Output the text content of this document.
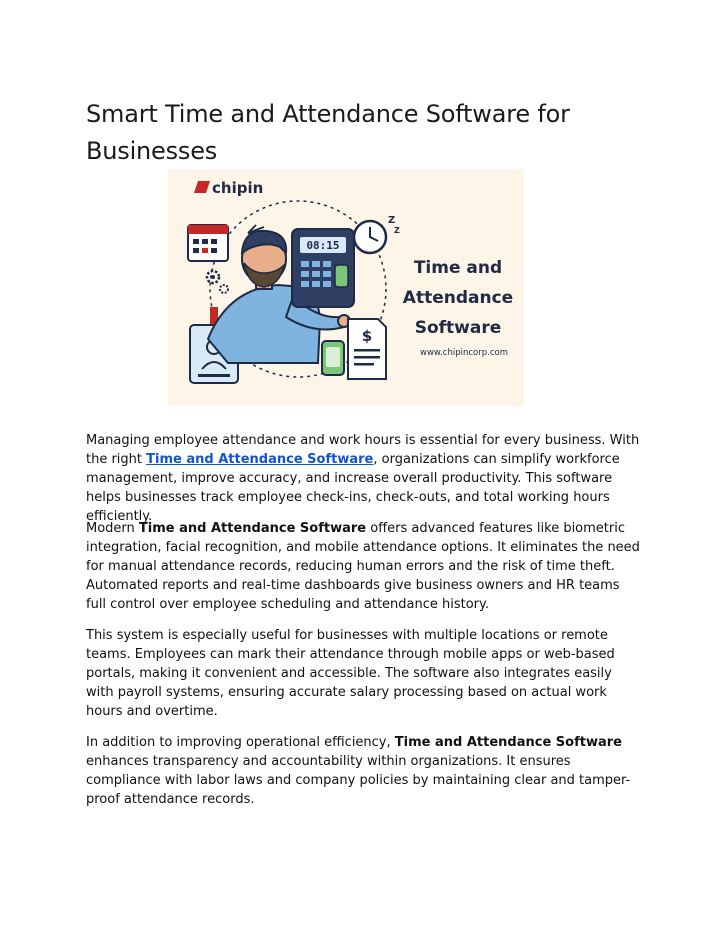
Smart Time and Attendance Software for Businesses
chipin
08:15
Z
Z
$
Time and
Attendance
Software
www.chipincorp.com

Managing employee attendance and work hours is essential for every business. With the right Time and Attendance Software, organizations can simplify workforce management, improve accuracy, and increase overall productivity. This software helps businesses track employee check-ins, check-outs, and total working hours efficiently.

Modern Time and Attendance Software offers advanced features like biometric integration, facial recognition, and mobile attendance options. It eliminates the need for manual attendance records, reducing human errors and the risk of time theft. Automated reports and real-time dashboards give business owners and HR teams full control over employee scheduling and attendance history.

This system is especially useful for businesses with multiple locations or remote teams. Employees can mark their attendance through mobile apps or web-based portals, making it convenient and accessible. The software also integrates easily with payroll systems, ensuring accurate salary processing based on actual work hours and overtime.

In addition to improving operational efficiency, Time and Attendance Software enhances transparency and accountability within organizations. It ensures compliance with labor laws and company policies by maintaining clear and tamper-proof attendance records.
